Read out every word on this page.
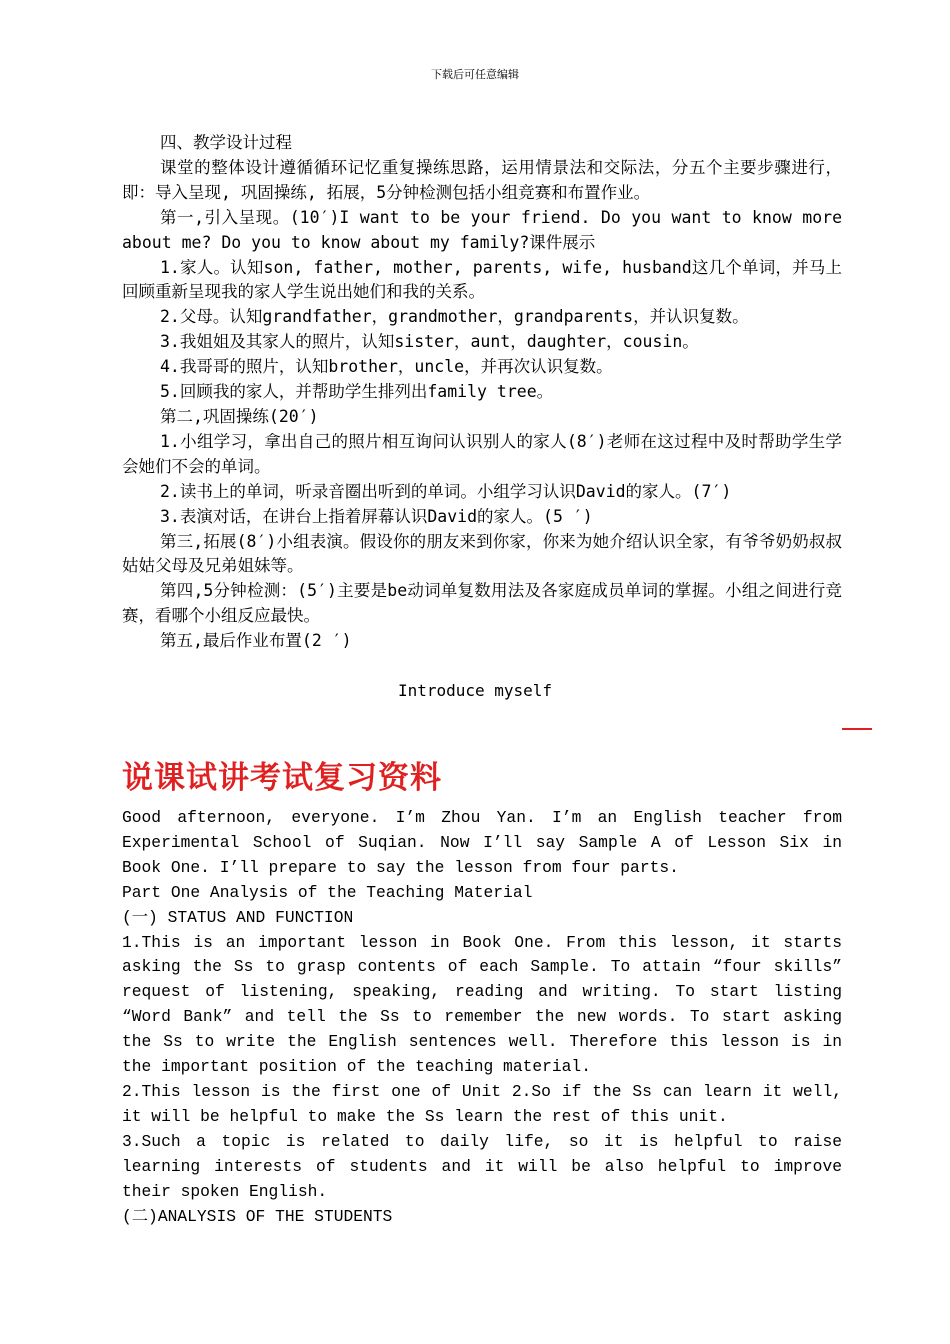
下载后可任意编辑

四、教学设计过程

课堂的整体设计遵循循环记忆重复操练思路，运用情景法和交际法，分五个主要步骤进行，即：导入呈现, 巩固操练, 拓展，5分钟检测包括小组竞赛和布置作业。

第一,引入呈现。(10′)I want to be your friend. Do you want to know more about me? Do you to know about my family?课件展示

1.家人。认知son, father, mother, parents, wife, husband这几个单词，并马上回顾重新呈现我的家人学生说出她们和我的关系。

2.父母。认知grandfather，grandmother，grandparents，并认识复数。

3.我姐姐及其家人的照片，认知sister，aunt，daughter，cousin。

4.我哥哥的照片，认知brother，uncle，并再次认识复数。

5.回顾我的家人，并帮助学生排列出family tree。

第二,巩固操练(20′)

1.小组学习，拿出自己的照片相互询问认识别人的家人(8′)老师在这过程中及时帮助学生学会她们不会的单词。

2.读书上的单词，听录音圈出听到的单词。小组学习认识David的家人。(7′)

3.表演对话，在讲台上指着屏幕认识David的家人。(5 ′)

第三,拓展(8′)小组表演。假设你的朋友来到你家，你来为她介绍认识全家，有爷爷奶奶叔叔姑姑父母及兄弟姐妹等。

第四,5分钟检测：(5′)主要是be动词单复数用法及各家庭成员单词的掌握。小组之间进行竞赛，看哪个小组反应最快。

第五,最后作业布置(2 ′)

Introduce myself
说课试讲考试复习资料

Good afternoon, everyone. I’m Zhou Yan. I’m an English teacher from Experimental School of Suqian. Now I’ll say Sample A of Lesson Six in Book One. I’ll prepare to say the lesson from four parts.

Part One Analysis of the Teaching Material

(一) STATUS AND FUNCTION

1.This is an important lesson in Book One. From this lesson, it starts asking the Ss to grasp contents of each Sample. To attain “four skills” request of listening, speaking, reading and writing. To start listing “Word Bank” and tell the Ss to remember the new words. To start asking the Ss to write the English sentences well. Therefore this lesson is in the important position of the teaching material.

2.This lesson is the first one of Unit 2.So if the Ss can learn it well, it will be helpful to make the Ss learn the rest of this unit.

3.Such a topic is related to daily life, so it is helpful to raise learning interests of students and it will be also helpful to improve their spoken English.

(二)ANALYSIS OF THE STUDENTS
